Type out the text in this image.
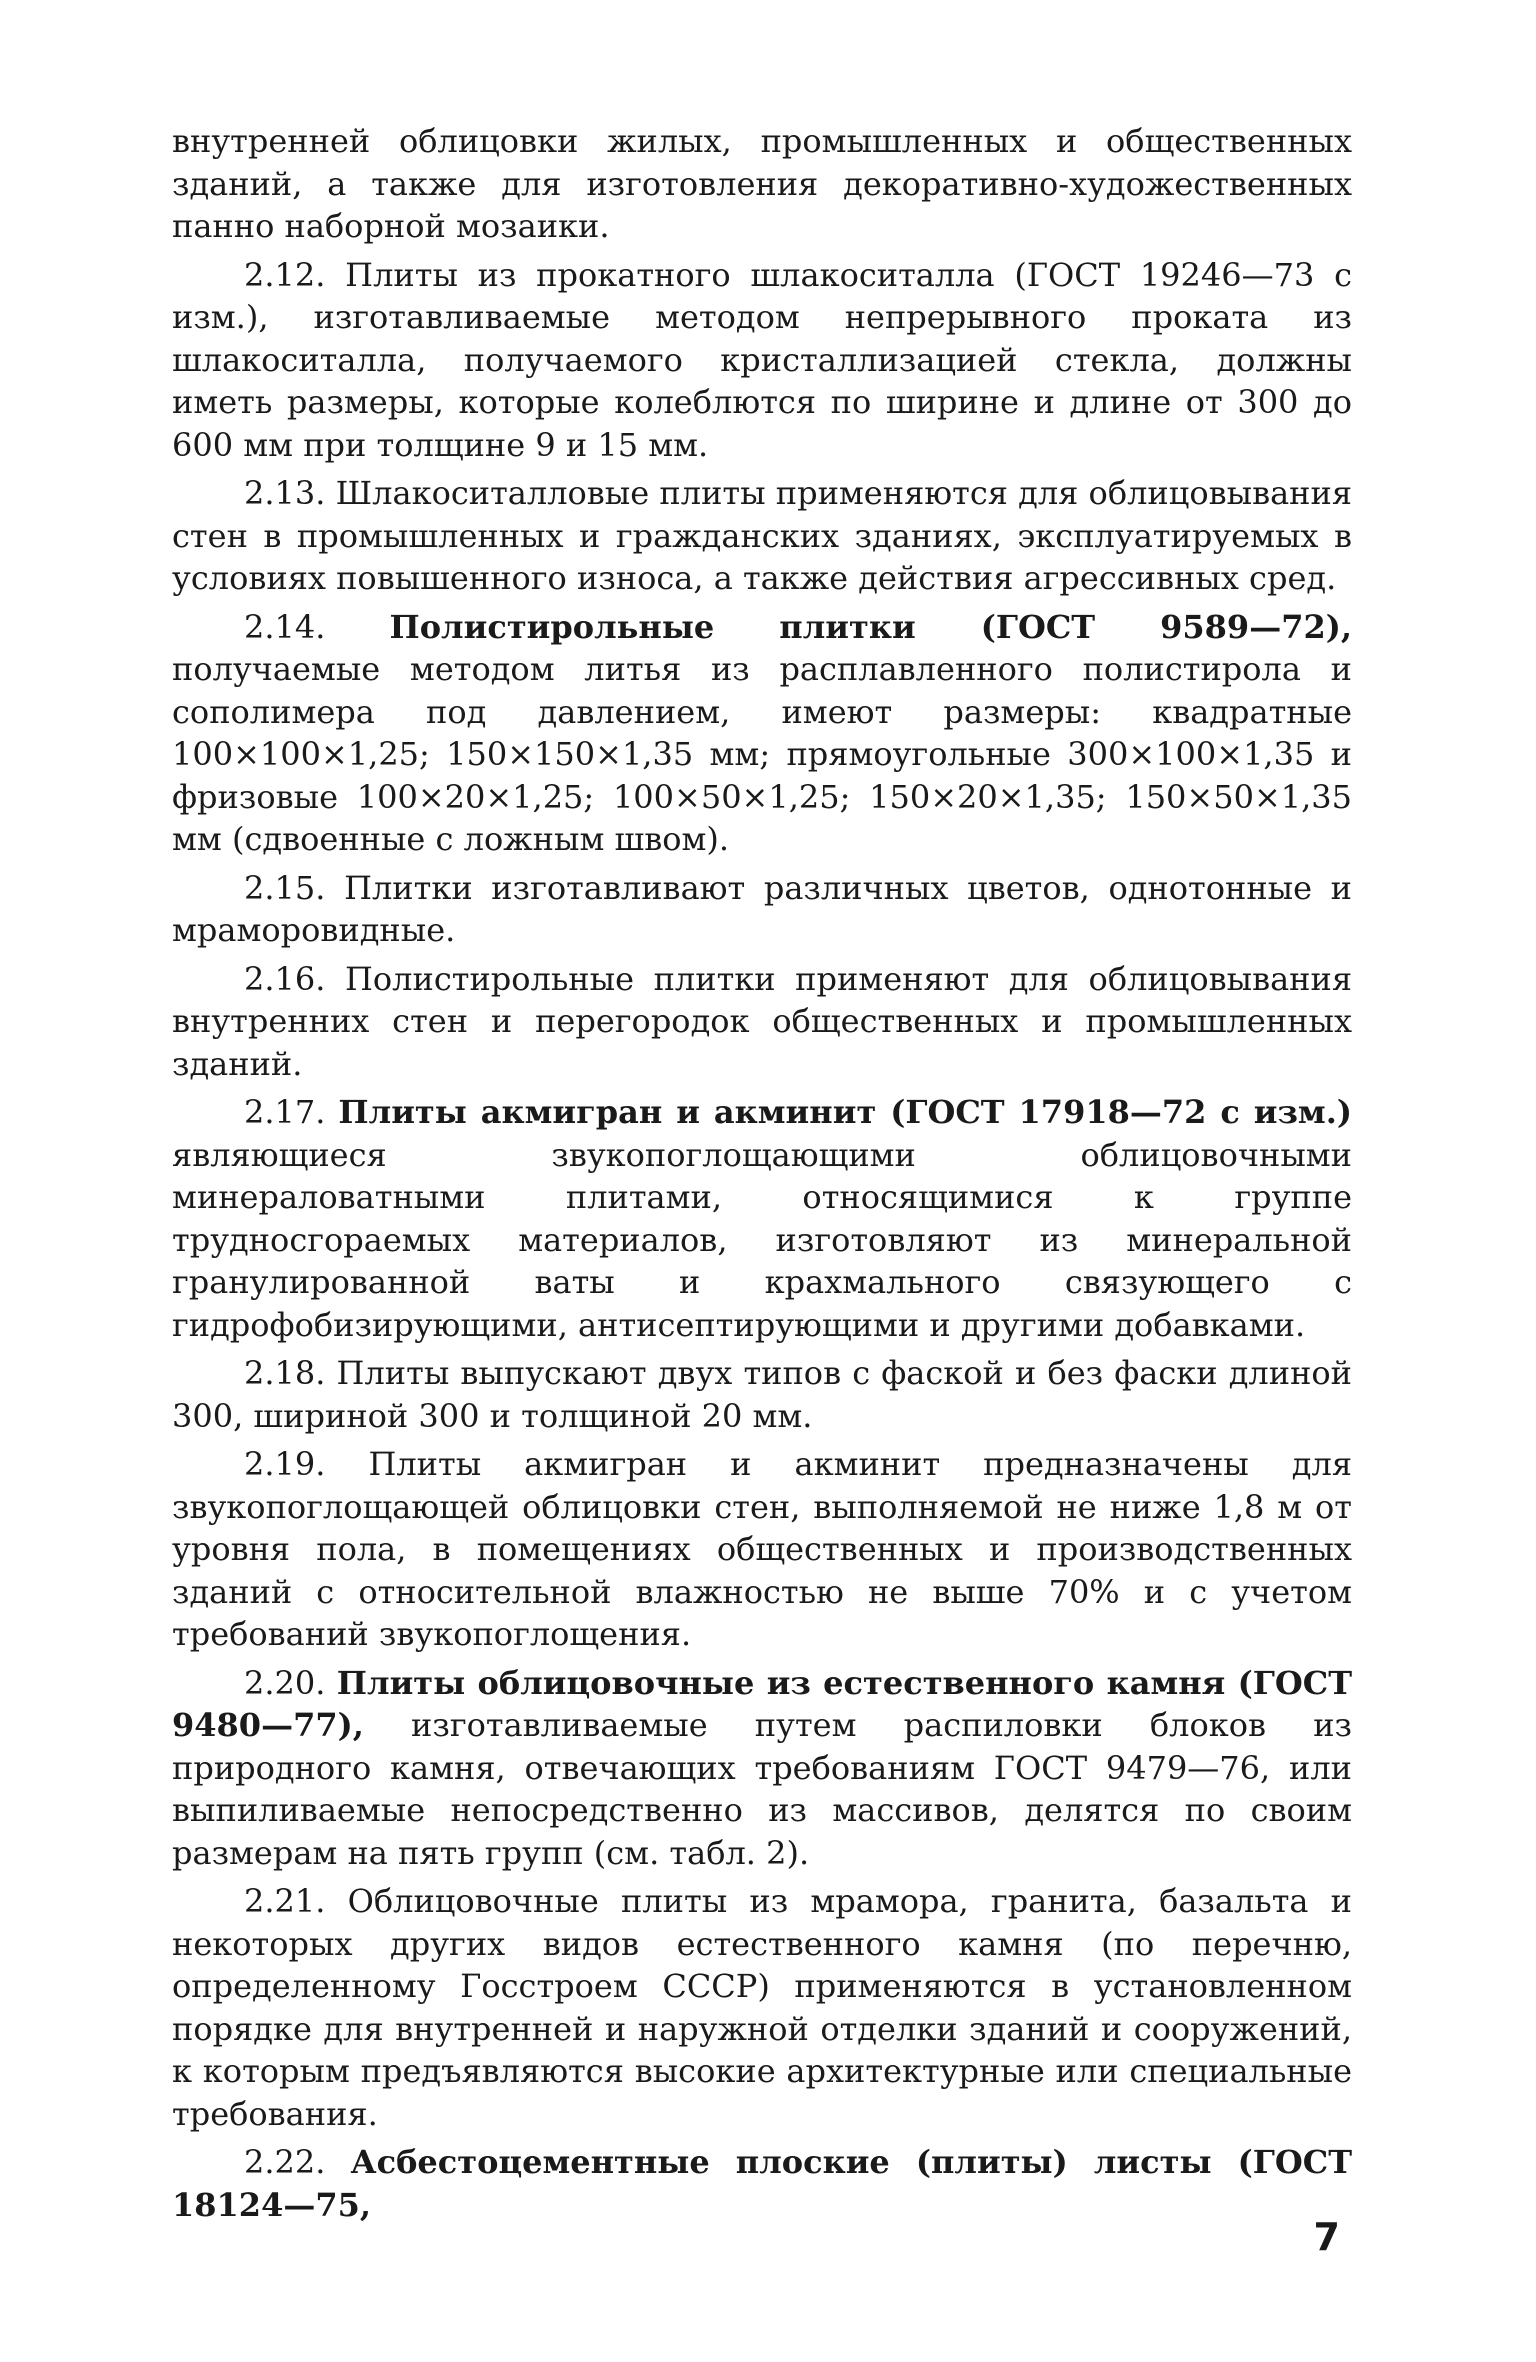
внутренней облицовки жилых, промышленных и общественных зданий, а также для изготовления декоративно-художественных панно наборной мозаики.

2.12. Плиты из прокатного шлакоситалла (ГОСТ 19246—73 с изм.), изготавливаемые методом непрерывного проката из шлакоситалла, получаемого кристаллизацией стекла, должны иметь размеры, которые колеблются по ширине и длине от 300 до 600 мм при толщине 9 и 15 мм.

2.13. Шлакоситалловые плиты применяются для облицовывания стен в промышленных и гражданских зданиях, эксплуатируемых в условиях повышенного износа, а также действия агрессивных сред.

2.14. Полистирольные плитки (ГОСТ 9589—72), получаемые методом литья из расплавленного полистирола и сополимера под давлением, имеют размеры: квадратные 100×100×1,25; 150×150×1,35 мм; прямоугольные 300×100×1,35 и фризовые 100×20×1,25; 100×50×1,25; 150×20×1,35; 150×50×1,35 мм (сдвоенные с ложным швом).

2.15. Плитки изготавливают различных цветов, однотонные и мраморовидные.

2.16. Полистирольные плитки применяют для облицовывания внутренних стен и перегородок общественных и промышленных зданий.

2.17. Плиты акмигран и акминит (ГОСТ 17918—72 с изм.) являющиеся звукопоглощающими облицовочными минераловатными плитами, относящимися к группе трудносгораемых материалов, изготовляют из минеральной гранулированной ваты и крахмального связующего с гидрофобизирующими, антисептирующими и другими добавками.

2.18. Плиты выпускают двух типов с фаской и без фаски длиной 300, шириной 300 и толщиной 20 мм.

2.19. Плиты акмигран и акминит предназначены для звукопоглощающей облицовки стен, выполняемой не ниже 1,8 м от уровня пола, в помещениях общественных и производственных зданий с относительной влажностью не выше 70% и с учетом требований звукопоглощения.

2.20. Плиты облицовочные из естественного камня (ГОСТ 9480—77), изготавливаемые путем распиловки блоков из природного камня, отвечающих требованиям ГОСТ 9479—76, или выпиливаемые непосредственно из массивов, делятся по своим размерам на пять групп (см. табл. 2).

2.21. Облицовочные плиты из мрамора, гранита, базальта и некоторых других видов естественного камня (по перечню, определенному Госстроем СССР) применяются в установленном порядке для внутренней и наружной отделки зданий и сооружений, к которым предъявляются высокие архитектурные или специальные требования.

2.22. Асбестоцементные плоские (плиты) листы (ГОСТ 18124—75,

7
